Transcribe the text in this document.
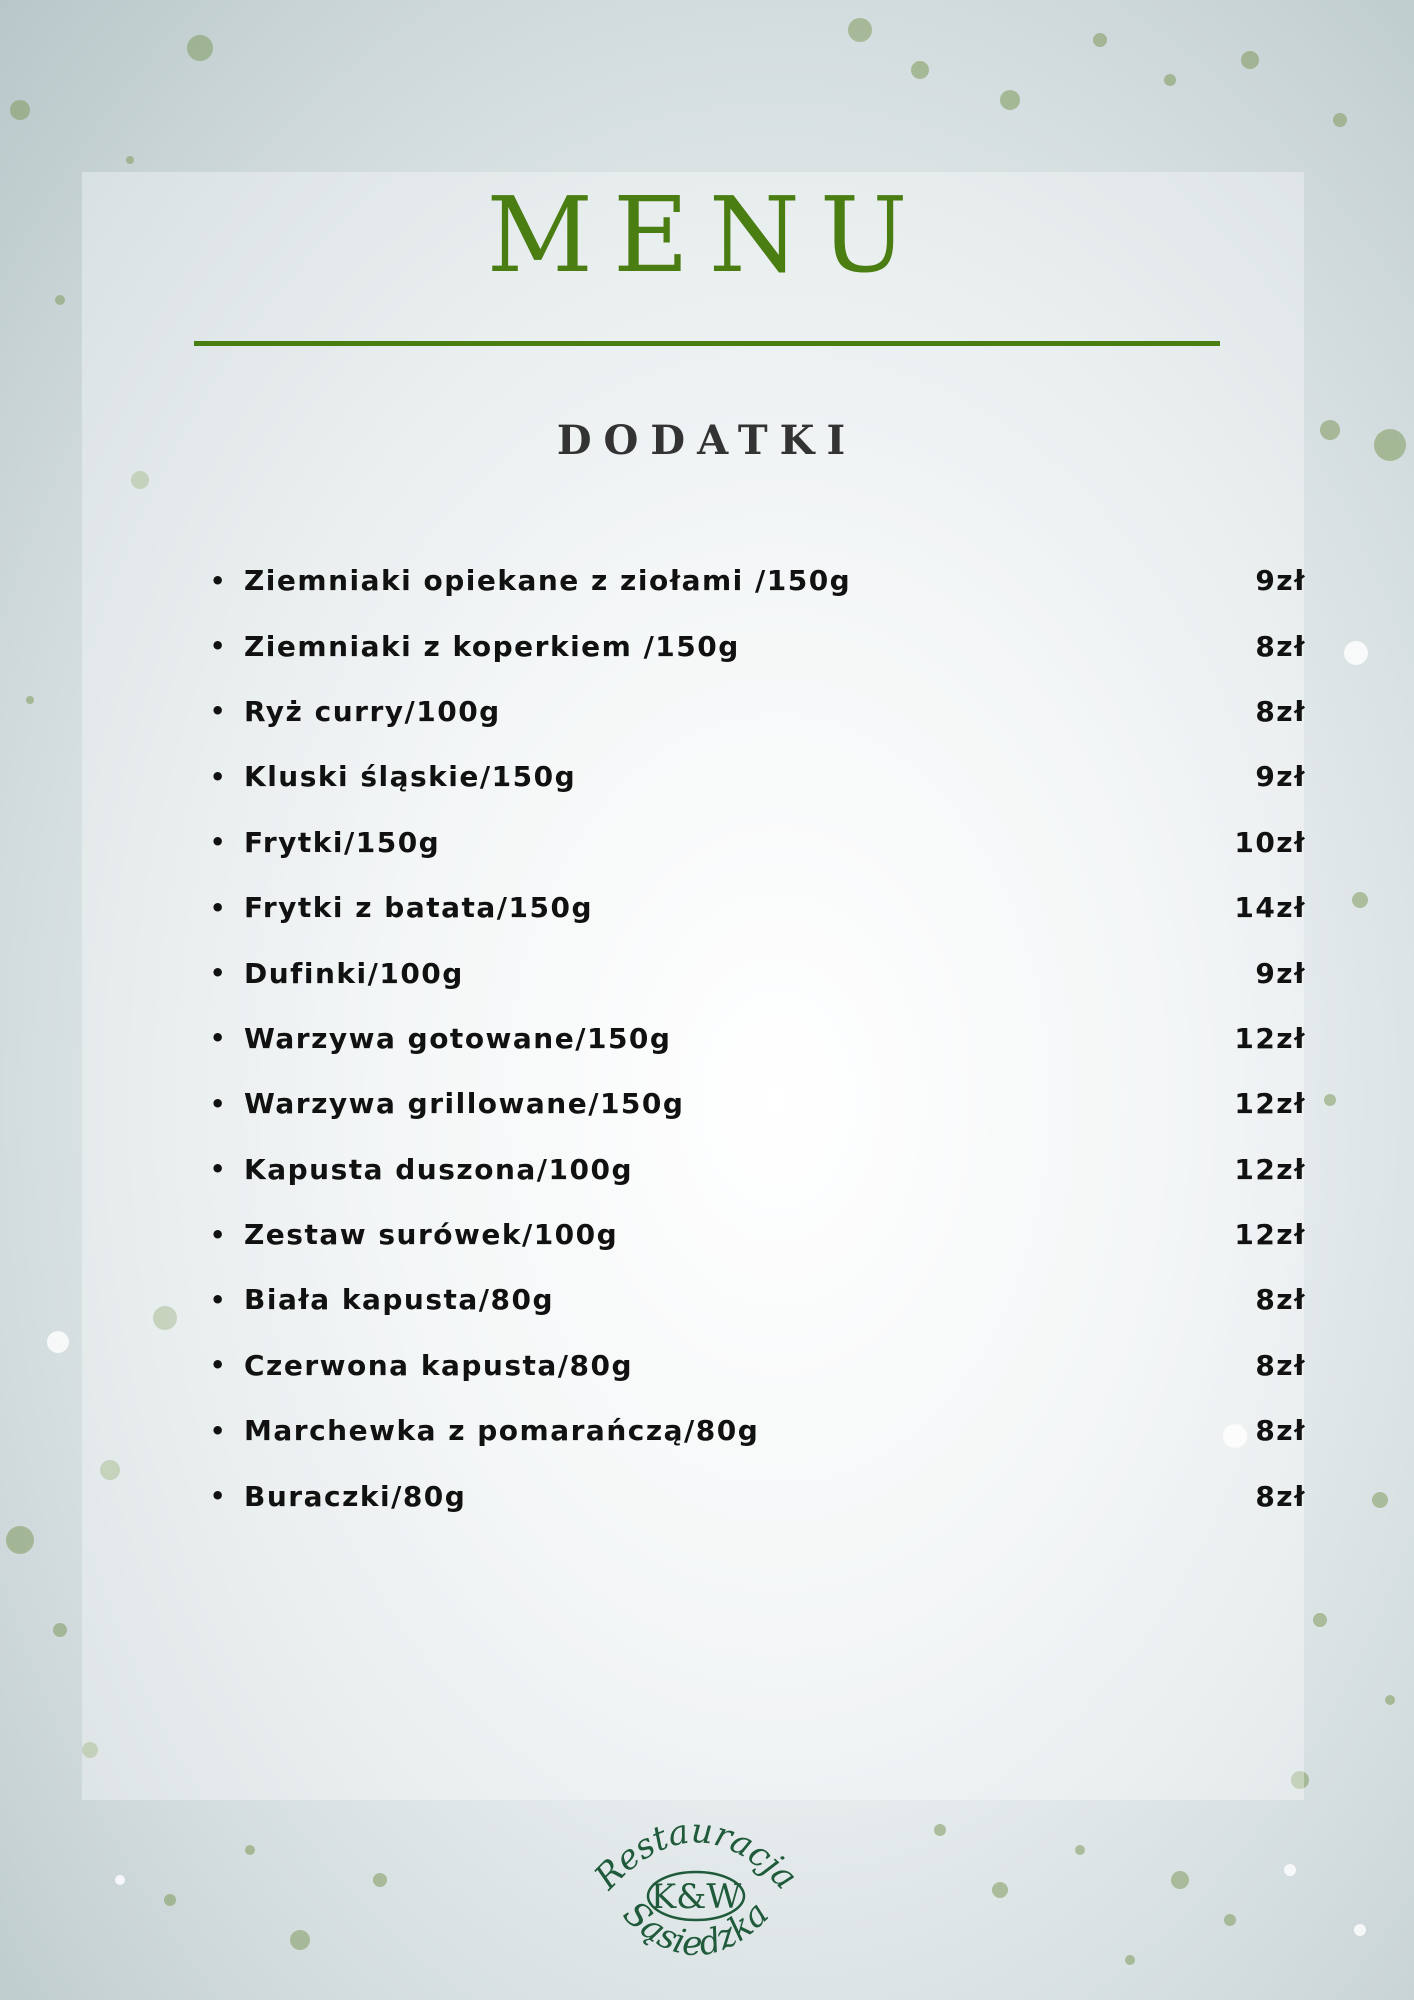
MENU
DODATKI
• Ziemniaki opiekane z ziołami /150g	9zł
• Ziemniaki z koperkiem /150g	8zł
• Ryż curry/100g	8zł
• Kluski śląskie/150g	9zł
• Frytki/150g	10zł
• Frytki z batata/150g	14zł
• Dufinki/100g	9zł
• Warzywa gotowane/150g	12zł
• Warzywa grillowane/150g	12zł
• Kapusta duszona/100g	12zł
• Zestaw surówek/100g	12zł
• Biała kapusta/80g	8zł
• Czerwona kapusta/80g	8zł
• Marchewka z pomarańczą/80g	8zł
• Buraczki/80g	8zł
Restauracja
Sąsiedzka
K&W
